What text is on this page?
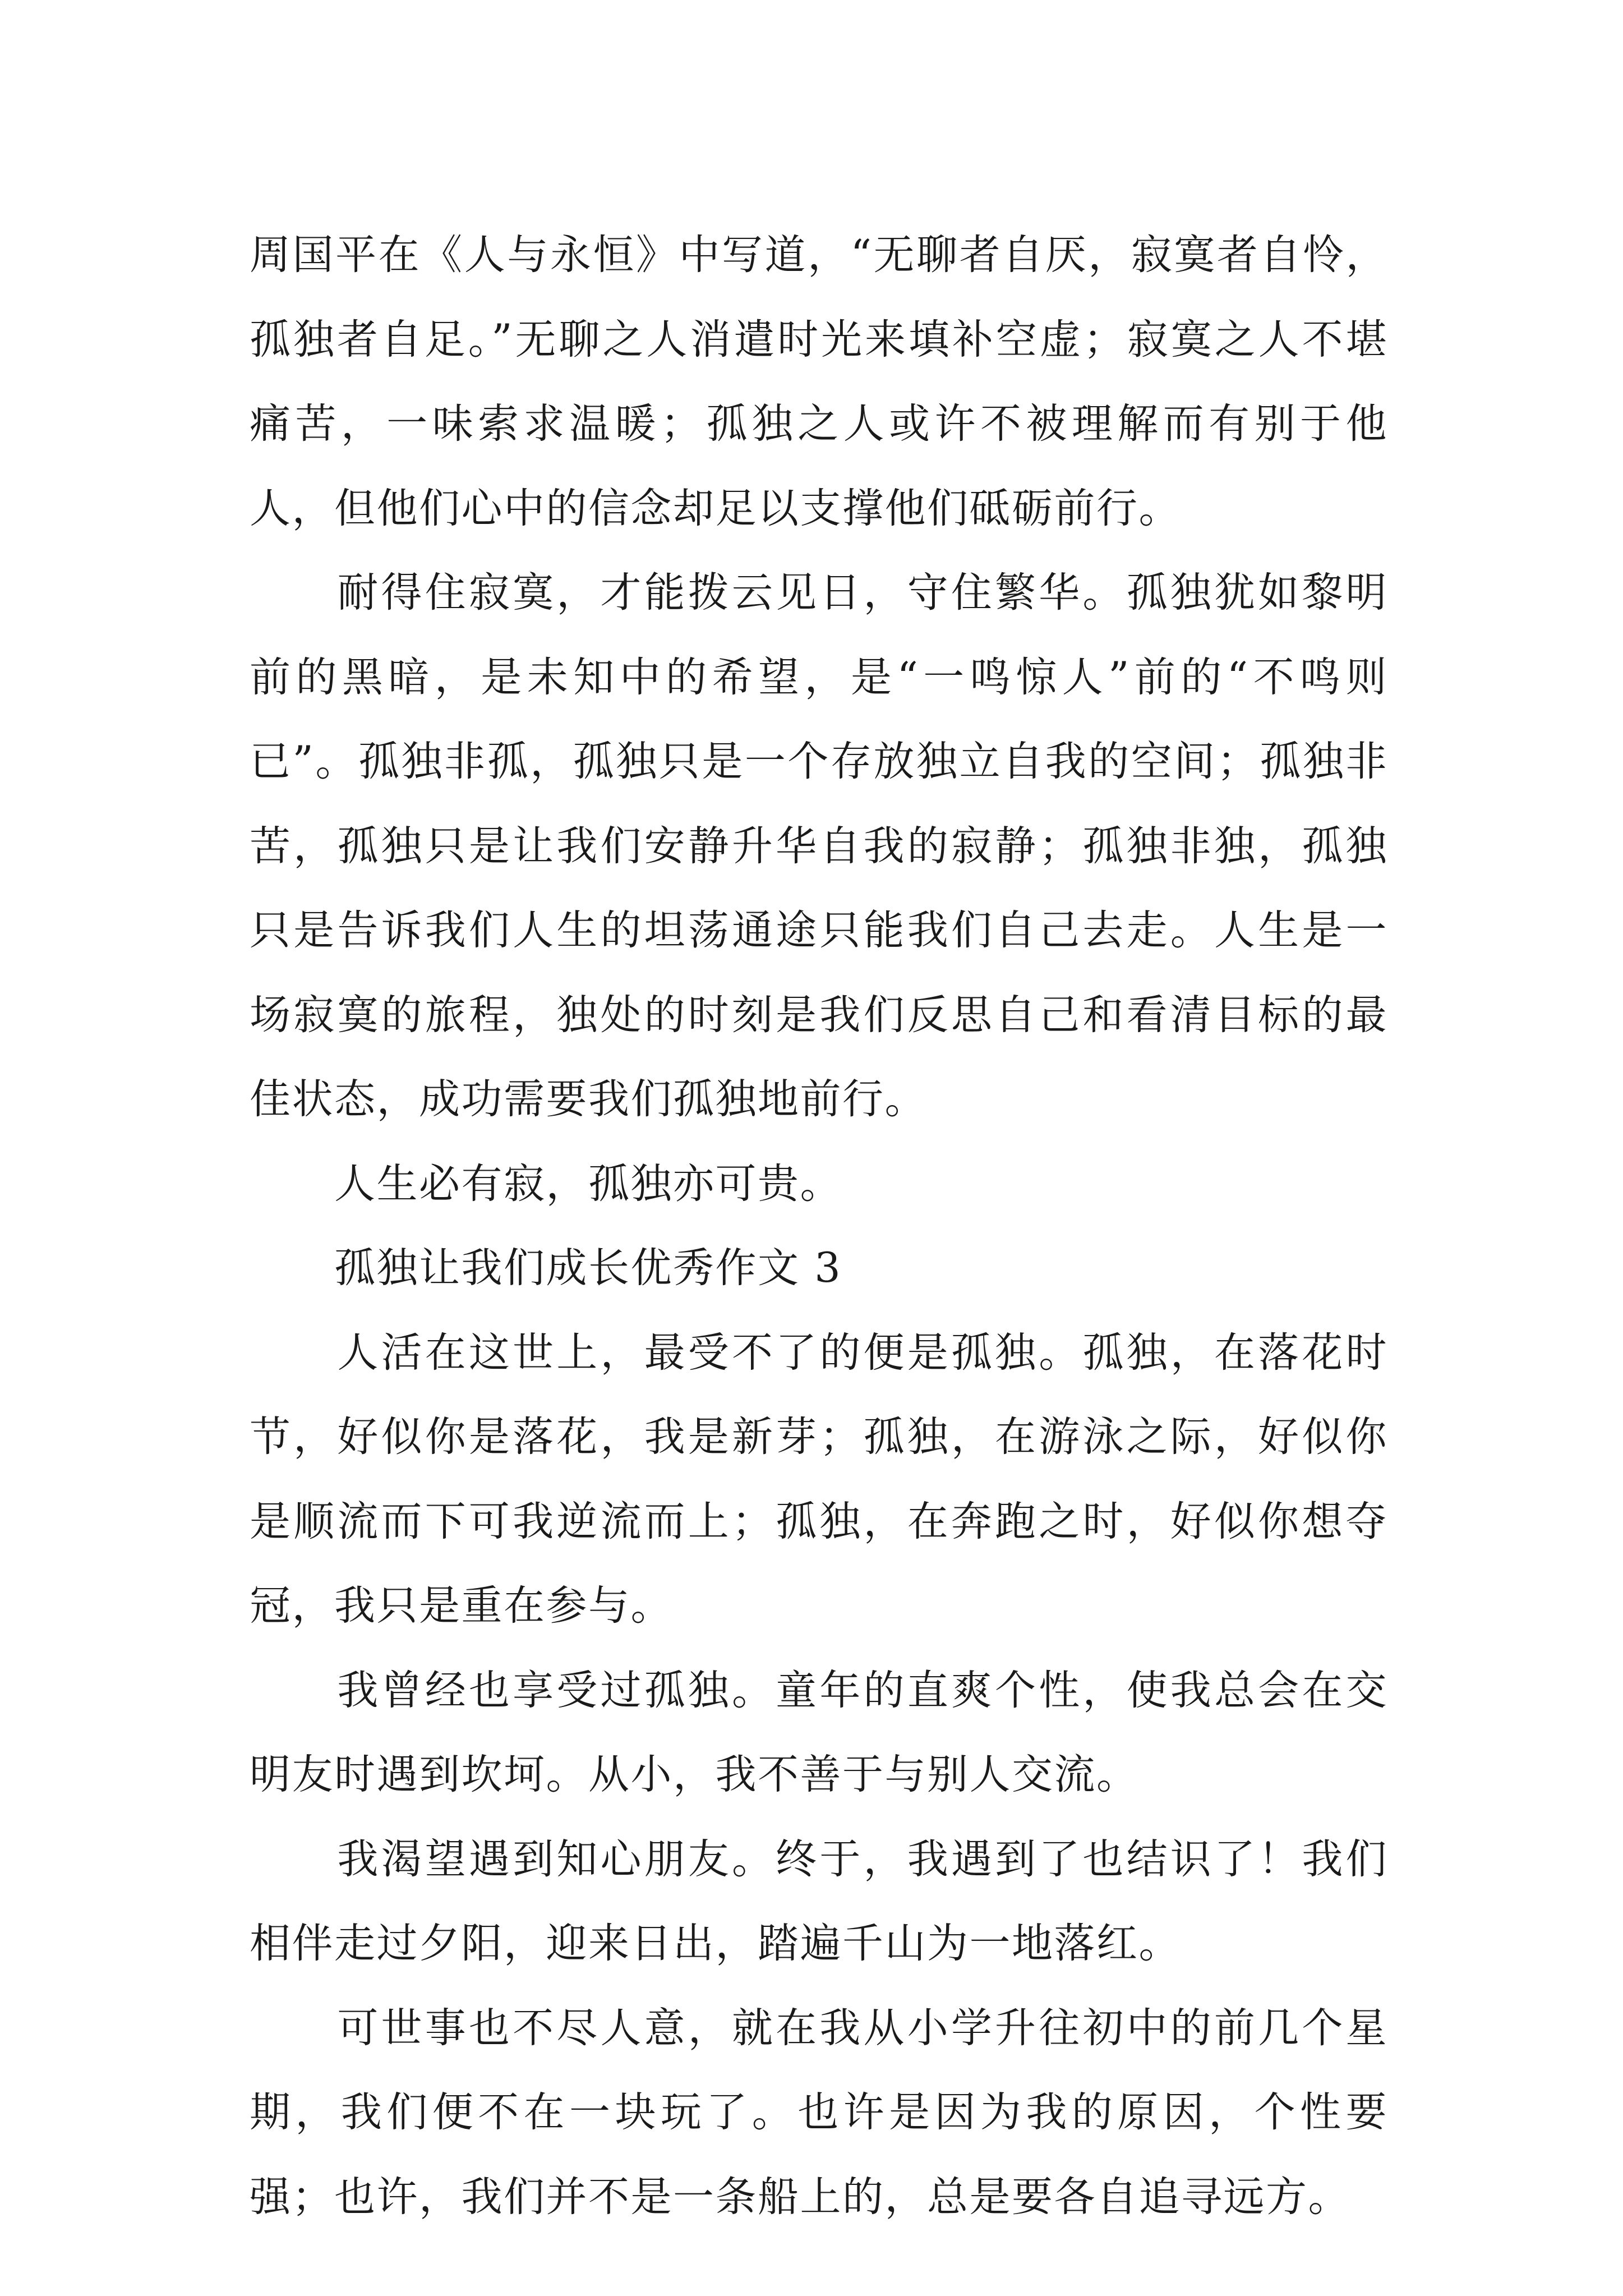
周国平在《人与永恒》中写道，“无聊者自厌，寂寞者自怜，孤独者自足。”无聊之人消遣时光来填补空虚；寂寞之人不堪痛苦，一味索求温暖；孤独之人或许不被理解而有别于他人，但他们心中的信念却足以支撑他们砥砺前行。

　　耐得住寂寞，才能拨云见日，守住繁华。孤独犹如黎明前的黑暗，是未知中的希望，是“一鸣惊人”前的“不鸣则已”。孤独非孤，孤独只是一个存放独立自我的空间；孤独非苦，孤独只是让我们安静升华自我的寂静；孤独非独，孤独只是告诉我们人生的坦荡通途只能我们自己去走。人生是一场寂寞的旅程，独处的时刻是我们反思自己和看清目标的最佳状态，成功需要我们孤独地前行。

　　人生必有寂，孤独亦可贵。

　　孤独让我们成长优秀作文 3

　　人活在这世上，最受不了的便是孤独。孤独，在落花时节，好似你是落花，我是新芽；孤独，在游泳之际，好似你是顺流而下可我逆流而上；孤独，在奔跑之时，好似你想夺冠，我只是重在参与。

　　我曾经也享受过孤独。童年的直爽个性，使我总会在交明友时遇到坎坷。从小，我不善于与别人交流。

　　我渴望遇到知心朋友。终于，我遇到了也结识了！我们相伴走过夕阳，迎来日出，踏遍千山为一地落红。

　　可世事也不尽人意，就在我从小学升往初中的前几个星期，我们便不在一块玩了。也许是因为我的原因，个性要强；也许，我们并不是一条船上的，总是要各自追寻远方。
